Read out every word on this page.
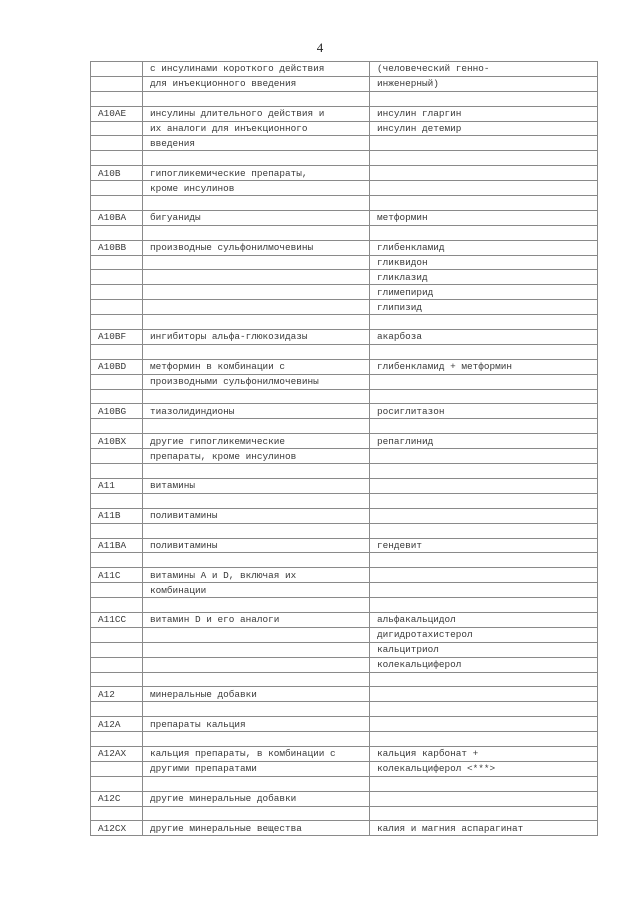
4
	с инсулинами короткого действия	(человеческий генно-
	для инъекционного введения	инженерный)

A10AE	инсулины длительного действия и	инсулин гларгин
	их аналоги для инъекционного	инсулин детемир
	введения	

A10B	гипогликемические препараты,	
	кроме инсулинов	

A10BA	бигуаниды	метформин

A10BB	производные сульфонилмочевины	глибенкламид
		гликвидон
		гликлазид
		глимепирид
		глипизид

A10BF	ингибиторы альфа-глюкозидазы	акарбоза

A10BD	метформин в комбинации с	глибенкламид + метформин
	производными сульфонилмочевины	

A10BG	тиазолидиндионы	росиглитазон

A10BX	другие гипогликемические	репаглинид
	препараты, кроме инсулинов	

A11	витамины	

A11B	поливитамины	

A11BA	поливитамины	гендевит

A11C	витамины A и D, включая их	
	комбинации	

A11CC	витамин D и его аналоги	альфакальцидол
		дигидротахистерол
		кальцитриол
		колекальциферол

A12	минеральные добавки	

A12A	препараты кальция	

A12AX	кальция препараты, в комбинации с	кальция карбонат +
	другими препаратами	колекальциферол <***>

A12C	другие минеральные добавки	

A12CX	другие минеральные вещества	калия и магния аспарагинат
